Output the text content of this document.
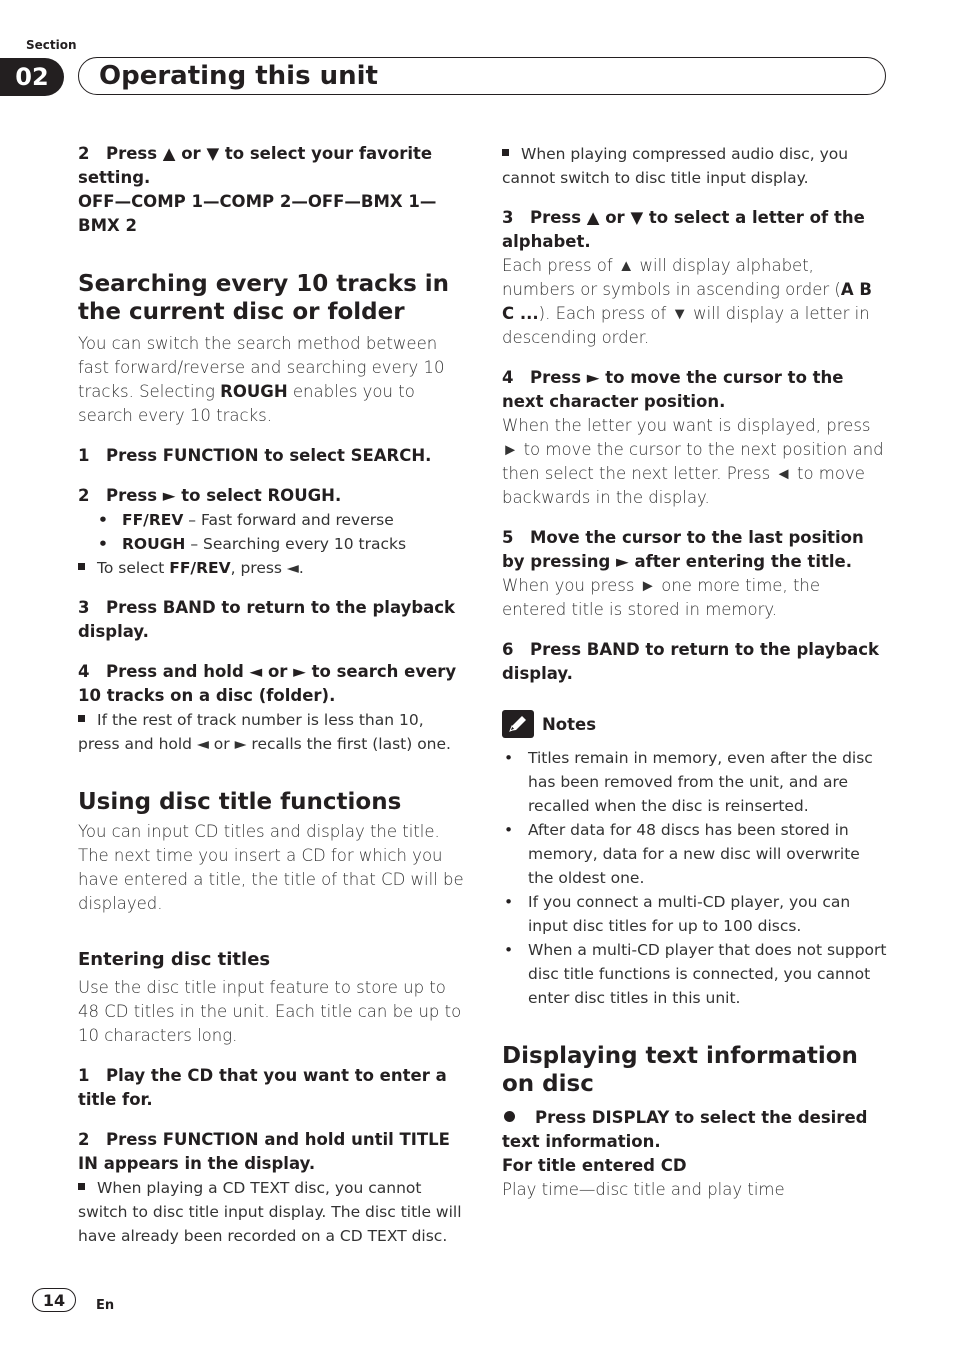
Section
02	Operating this unit

2 Press ▲ or ▼ to select your favorite setting.

OFF—COMP 1—COMP 2—OFF—BMX 1—BMX 2

Searching every 10 tracks in the current disc or folder

You can switch the search method between fast forward/reverse and searching every 10 tracks. Selecting ROUGH enables you to search every 10 tracks.

1 Press FUNCTION to select SEARCH.

2 Press ► to select ROUGH.

• FF/REV – Fast forward and reverse
• ROUGH – Searching every 10 tracks

To select FF/REV, press ◄.

3 Press BAND to return to the playback display.

4 Press and hold ◄ or ► to search every 10 tracks on a disc (folder).

If the rest of track number is less than 10, press and hold ◄ or ► recalls the first (last) one.

Using disc title functions

You can input CD titles and display the title. The next time you insert a CD for which you have entered a title, the title of that CD will be displayed.

Entering disc titles

Use the disc title input feature to store up to 48 CD titles in the unit. Each title can be up to 10 characters long.

1 Play the CD that you want to enter a title for.

2 Press FUNCTION and hold until TITLE IN appears in the display.

When playing a CD TEXT disc, you cannot switch to disc title input display. The disc title will have already been recorded on a CD TEXT disc.

When playing compressed audio disc, you cannot switch to disc title input display.

3 Press ▲ or ▼ to select a letter of the alphabet.

Each press of ▲ will display alphabet, numbers or symbols in ascending order (A B C ...). Each press of ▼ will display a letter in descending order.

4 Press ► to move the cursor to the next character position.

When the letter you want is displayed, press ► to move the cursor to the next position and then select the next letter. Press ◄ to move backwards in the display.

5 Move the cursor to the last position by pressing ► after entering the title.

When you press ► one more time, the entered title is stored in memory.

6 Press BAND to return to the playback display.

Notes
• Titles remain in memory, even after the disc has been removed from the unit, and are recalled when the disc is reinserted.
• After data for 48 discs has been stored in memory, data for a new disc will overwrite the oldest one.
• If you connect a multi-CD player, you can input disc titles for up to 100 discs.
• When a multi-CD player that does not support disc title functions is connected, you cannot enter disc titles in this unit.
Displaying text information on disc

Press DISPLAY to select the desired text information.

For title entered CD

Play time—disc title and play time

14	En
